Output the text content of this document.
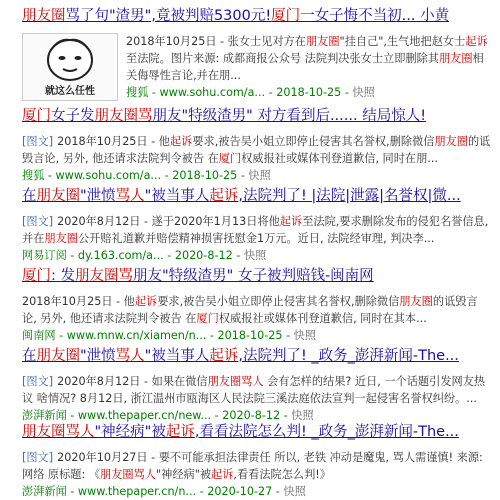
朋友圈骂了句"渣男",竟被判赔5300元!厦门一女子悔不当初... 小黄
就这么任性

2018年10月25日 - 张女士见对方在朋友圈"挂自己",生气地把赵女士起诉至法院。图片来源: 成都商报公众号 法院判决张女士立即删除其朋友圈相关侮辱性言论,并在朋...

搜狐 - www.sohu.com/a... - 2018-10-25 - 快照
厦门女子发朋友圈骂朋友"特级渣男" 对方看到后...... 结局惊人!

[图文] 2018年10月25日 - 他起诉要求,被告吴小姐立即停止侵害其名誉权,删除微信朋友圈的诋毁言论, 另外, 他还请求法院判令被告 在厦门权威报社或媒体刊登道歉信, 同时在朋...

搜狐 - www.sohu.com/a... - 2018-10-25 - 快照
在朋友圈"泄愤骂人"被当事人起诉,法院判了! |法院|泄露|名誉权|微...

[图文] 2020年8月12日 - 遂于2020年1月13日将他起诉至法院,要求删除发布的侵犯名誉信息,并在朋友圈公开赔礼道歉并赔偿精神损害抚慰金1万元。近日, 法院经审理, 判决李...

网易订阅 - dy.163.com/a... - 2020-8-12 - 快照
厦门: 发朋友圈骂朋友"特级渣男" 女子被判赔钱-闽南网

2018年10月25日 - 他起诉要求,被告吴小姐立即停止侵害其名誉权,删除微信朋友圈的诋毁言论, 另外, 他还请求法院判令被告 在厦门权威报社或媒体刊登道歉信, 同时在其本...

闽南网 - www.mnw.cn/xiamen/n... - 2018-10-25 - 快照
在朋友圈"泄愤骂人"被当事人起诉,法院判了! _政务_澎湃新闻-The...

[图文] 2020年8月12日 - 如果在微信朋友圈骂人 会有怎样的结果? 近日, 一个话题引发网友热议 啥情况? 8月12日, 浙江温州市瓯海区人民法院三溪法庭依法宣判一起侵害名誉权纠纷。...

澎湃新闻 - www.thepaper.cn/new... - 2020-8-12 - 快照
朋友圈骂人"神经病"被起诉,看看法院怎么判! _政务_澎湃新闻-The...

[图文] 2020年10月27日 - 要不可能承担法律责任 所以, 老铁 冲动是魔鬼, 骂人需谨慎! 来源: 网络 原标题: 《朋友圈骂人"神经病"被起诉,看看法院怎么判!》

澎湃新闻 - www.thepaper.cn/n... - 2020-10-27 - 快照
